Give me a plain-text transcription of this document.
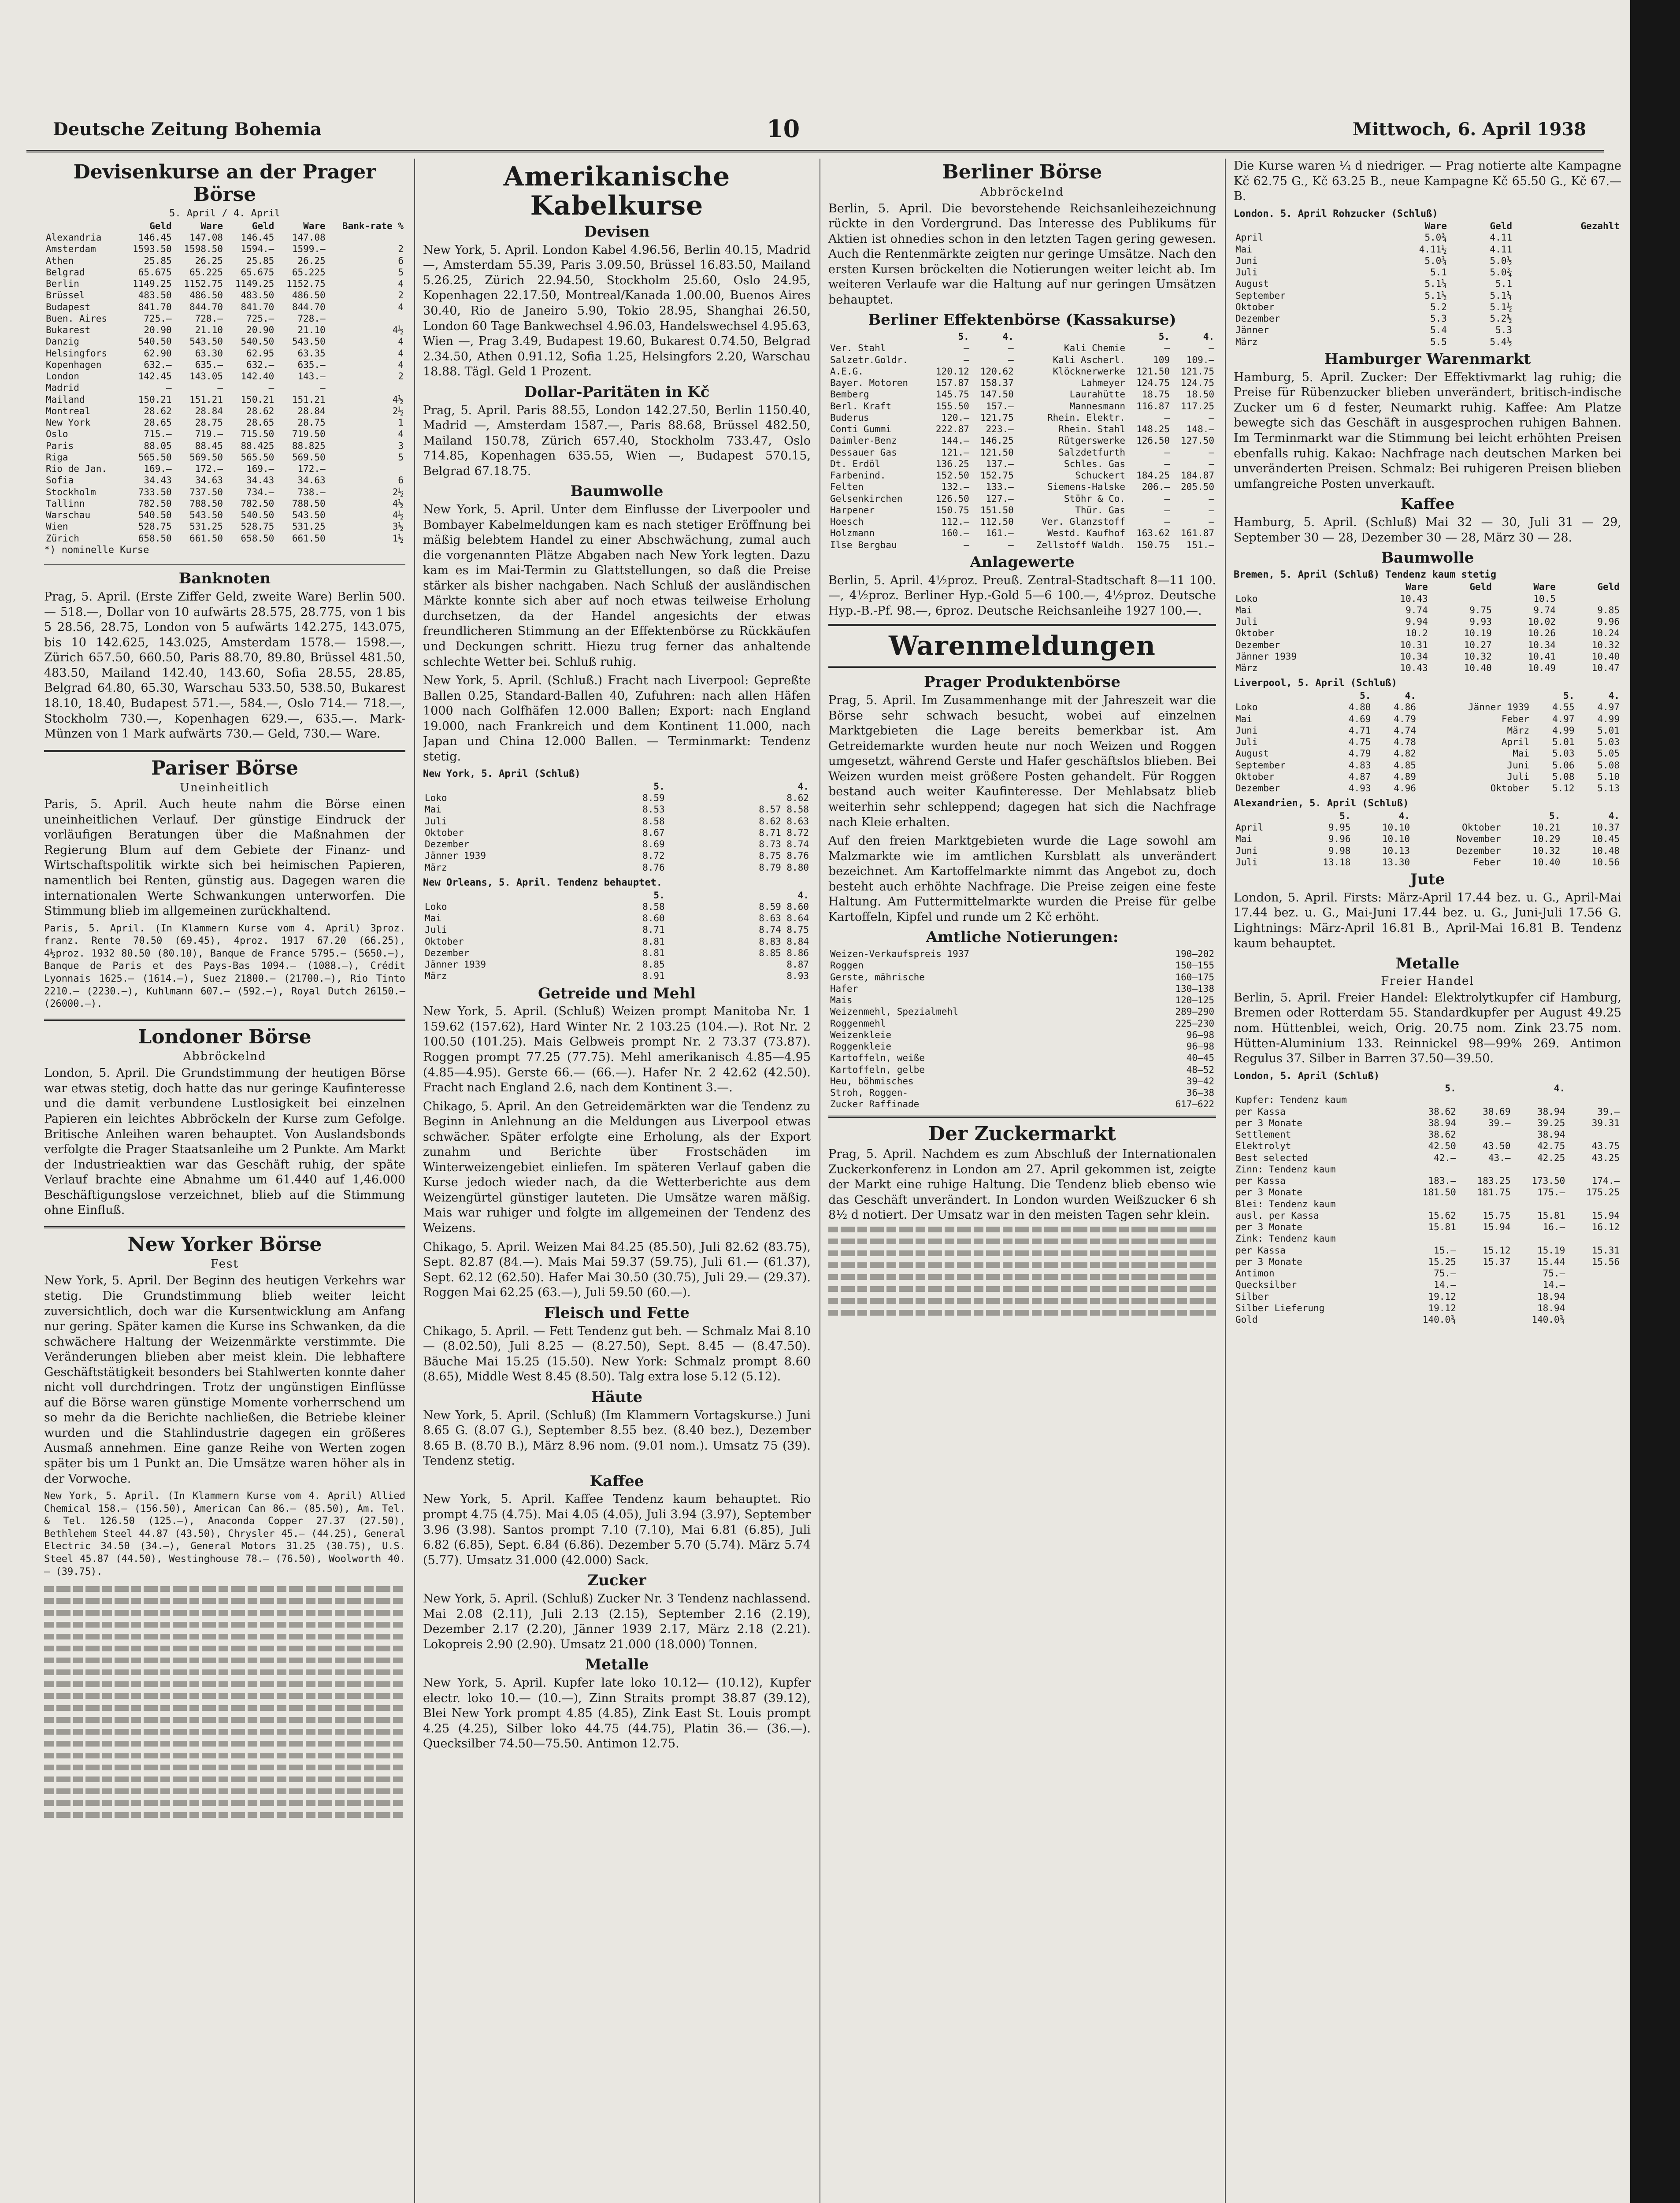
Deutsche Zeitung Bohemia	10	Mittwoch, 6. April 1938
Devisenkurse an der Prager Börse
5. April / 4. April
	Geld	Ware	Geld	Ware	Bank-rate %
Alexandria	146.45	147.08	146.45	147.08	
Amsterdam	1593.50	1598.50	1594.—	1599.—	2
Athen	25.85	26.25	25.85	26.25	6
Belgrad	65.675	65.225	65.675	65.225	5
Berlin	1149.25	1152.75	1149.25	1152.75	4
Brüssel	483.50	486.50	483.50	486.50	2
Budapest	841.70	844.70	841.70	844.70	4
Buen. Aires	725.—	728.—	725.—	728.—	
Bukarest	20.90	21.10	20.90	21.10	4½
Danzig	540.50	543.50	540.50	543.50	4
Helsingfors	62.90	63.30	62.95	63.35	4
Kopenhagen	632.—	635.—	632.—	635.—	4
London	142.45	143.05	142.40	143.—	2
Madrid	—	—	—	—	
Mailand	150.21	151.21	150.21	151.21	4½
Montreal	28.62	28.84	28.62	28.84	2½
New York	28.65	28.75	28.65	28.75	1
Oslo	715.—	719.—	715.50	719.50	4
Paris	88.05	88.45	88.425	88.825	3
Riga	565.50	569.50	565.50	569.50	5
Rio de Jan.	169.—	172.—	169.—	172.—	
Sofia	34.43	34.63	34.43	34.63	6
Stockholm	733.50	737.50	734.—	738.—	2½
Tallinn	782.50	788.50	782.50	788.50	4½
Warschau	540.50	543.50	540.50	543.50	4½
Wien	528.75	531.25	528.75	531.25	3½
Zürich	658.50	661.50	658.50	661.50	1½
*) nominelle Kurse
Banknoten

Prag, 5. April. (Erste Ziffer Geld, zweite Ware) Berlin 500.— 518.—, Dollar von 10 aufwärts 28.575, 28.775, von 1 bis 5 28.56, 28.75, London von 5 aufwärts 142.275, 143.075, bis 10 142.625, 143.025, Amsterdam 1578.— 1598.—, Zürich 657.50, 660.50, Paris 88.70, 89.80, Brüssel 481.50, 483.50, Mailand 142.40, 143.60, Sofia 28.55, 28.85, Belgrad 64.80, 65.30, Warschau 533.50, 538.50, Bukarest 18.10, 18.40, Budapest 571.—, 584.—, Oslo 714.— 718.—, Stockholm 730.—, Kopenhagen 629.—, 635.—. Mark-Münzen von 1 Mark aufwärts 730.— Geld, 730.— Ware.

Pariser Börse
Uneinheitlich

Paris, 5. April. Auch heute nahm die Börse einen uneinheitlichen Verlauf. Der günstige Eindruck der vorläufigen Beratungen über die Maßnahmen der Regierung Blum auf dem Gebiete der Finanz- und Wirtschaftspolitik wirkte sich bei heimischen Papieren, namentlich bei Renten, günstig aus. Dagegen waren die internationalen Werte Schwankungen unterworfen. Die Stimmung blieb im allgemeinen zurückhaltend.

Paris, 5. April. (In Klammern Kurse vom 4. April) 3proz. franz. Rente 70.50 (69.45), 4proz. 1917 67.20 (66.25), 4½proz. 1932 80.50 (80.10), Banque de France 5795.— (5650.—), Banque de Paris et des Pays-Bas 1094.— (1088.—), Crédit Lyonnais 1625.— (1614.—), Suez 21800.— (21700.—), Rio Tinto 2210.— (2230.—), Kuhlmann 607.— (592.—), Royal Dutch 26150.— (26000.—).

Londoner Börse
Abbröckelnd

London, 5. April. Die Grundstimmung der heutigen Börse war etwas stetig, doch hatte das nur geringe Kaufinteresse und die damit verbundene Lustlosigkeit bei einzelnen Papieren ein leichtes Abbröckeln der Kurse zum Gefolge. Britische Anleihen waren behauptet. Von Auslandsbonds verfolgte die Prager Staatsanleihe um 2 Punkte. Am Markt der Industrieaktien war das Geschäft ruhig, der späte Verlauf brachte eine Abnahme um 61.440 auf 1,46.000 Beschäftigungslose verzeichnet, blieb auf die Stimmung ohne Einfluß.

New Yorker Börse
Fest

New York, 5. April. Der Beginn des heutigen Verkehrs war stetig. Die Grundstimmung blieb weiter leicht zuversichtlich, doch war die Kursentwicklung am Anfang nur gering. Später kamen die Kurse ins Schwanken, da die schwächere Haltung der Weizenmärkte verstimmte. Die Veränderungen blieben aber meist klein. Die lebhaftere Geschäftstätigkeit besonders bei Stahlwerten konnte daher nicht voll durchdringen. Trotz der ungünstigen Einflüsse auf die Börse waren günstige Momente vorherrschend um so mehr da die Berichte nachließen, die Betriebe kleiner wurden und die Stahlindustrie dagegen ein größeres Ausmaß annehmen. Eine ganze Reihe von Werten zogen später bis um 1 Punkt an. Die Umsätze waren höher als in der Vorwoche.

New York, 5. April. (In Klammern Kurse vom 4. April) Allied Chemical 158.— (156.50), American Can 86.— (85.50), Am. Tel. & Tel. 126.50 (125.—), Anaconda Copper 27.37 (27.50), Bethlehem Steel 44.87 (43.50), Chrysler 45.— (44.25), General Electric 34.50 (34.—), General Motors 31.25 (30.75), U.S. Steel 45.87 (44.50), Westinghouse 78.— (76.50), Woolworth 40.— (39.75).

Amerikanische Kabelkurse
Devisen

New York, 5. April. London Kabel 4.96.56, Berlin 40.15, Madrid —, Amsterdam 55.39, Paris 3.09.50, Brüssel 16.83.50, Mailand 5.26.25, Zürich 22.94.50, Stockholm 25.60, Oslo 24.95, Kopenhagen 22.17.50, Montreal/Kanada 1.00.00, Buenos Aires 30.40, Rio de Janeiro 5.90, Tokio 28.95, Shanghai 26.50, London 60 Tage Bankwechsel 4.96.03, Handelswechsel 4.95.63, Wien —, Prag 3.49, Budapest 19.60, Bukarest 0.74.50, Belgrad 2.34.50, Athen 0.91.12, Sofia 1.25, Helsingfors 2.20, Warschau 18.88. Tägl. Geld 1 Prozent.

Dollar-Paritäten in Kč

Prag, 5. April. Paris 88.55, London 142.27.50, Berlin 1150.40, Madrid —, Amsterdam 1587.—, Paris 88.68, Brüssel 482.50, Mailand 150.78, Zürich 657.40, Stockholm 733.47, Oslo 714.85, Kopenhagen 635.55, Wien —, Budapest 570.15, Belgrad 67.18.75.

Baumwolle

New York, 5. April. Unter dem Einflusse der Liverpooler und Bombayer Kabelmeldungen kam es nach stetiger Eröffnung bei mäßig belebtem Handel zu einer Abschwächung, zumal auch die vorgenannten Plätze Abgaben nach New York legten. Dazu kam es im Mai-Termin zu Glattstellungen, so daß die Preise stärker als bisher nachgaben. Nach Schluß der ausländischen Märkte konnte sich aber auf noch etwas teilweise Erholung durchsetzen, da der Handel angesichts der etwas freundlicheren Stimmung an der Effektenbörse zu Rückkäufen und Deckungen schritt. Hiezu trug ferner das anhaltende schlechte Wetter bei. Schluß ruhig.

New York, 5. April. (Schluß.) Fracht nach Liverpool: Gepreßte Ballen 0.25, Standard-Ballen 40, Zufuhren: nach allen Häfen 1000 nach Golfhäfen 12.000 Ballen; Export: nach England 19.000, nach Frankreich und dem Kontinent 11.000, nach Japan und China 12.000 Ballen. — Terminmarkt: Tendenz stetig.

New York, 5. April (Schluß)
	5.	4.
Loko	8.59	8.62
Mai	8.53	8.57 8.58
Juli	8.58	8.62 8.63
Oktober	8.67	8.71 8.72
Dezember	8.69	8.73 8.74
Jänner 1939	8.72	8.75 8.76
März	8.76	8.79 8.80
New Orleans, 5. April. Tendenz behauptet.
	5.	4.
Loko	8.58	8.59 8.60
Mai	8.60	8.63 8.64
Juli	8.71	8.74 8.75
Oktober	8.81	8.83 8.84
Dezember	8.81	8.85 8.86
Jänner 1939	8.85	8.87
März	8.91	8.93
Getreide und Mehl

New York, 5. April. (Schluß) Weizen prompt Manitoba Nr. 1 159.62 (157.62), Hard Winter Nr. 2 103.25 (104.—). Rot Nr. 2 100.50 (101.25). Mais Gelbweis prompt Nr. 2 73.37 (73.87). Roggen prompt 77.25 (77.75). Mehl amerikanisch 4.85—4.95 (4.85—4.95). Gerste 66.— (66.—). Hafer Nr. 2 42.62 (42.50). Fracht nach England 2.6, nach dem Kontinent 3.—.

Chikago, 5. April. An den Getreidemärkten war die Tendenz zu Beginn in Anlehnung an die Meldungen aus Liverpool etwas schwächer. Später erfolgte eine Erholung, als der Export zunahm und Berichte über Frostschäden im Winterweizengebiet einliefen. Im späteren Verlauf gaben die Kurse jedoch wieder nach, da die Wetterberichte aus dem Weizengürtel günstiger lauteten. Die Umsätze waren mäßig. Mais war ruhiger und folgte im allgemeinen der Tendenz des Weizens.

Chikago, 5. April. Weizen Mai 84.25 (85.50), Juli 82.62 (83.75), Sept. 82.87 (84.—). Mais Mai 59.37 (59.75), Juli 61.— (61.37), Sept. 62.12 (62.50). Hafer Mai 30.50 (30.75), Juli 29.— (29.37). Roggen Mai 62.25 (63.—), Juli 59.50 (60.—).

Fleisch und Fette

Chikago, 5. April. — Fett Tendenz gut beh. — Schmalz Mai 8.10 — (8.02.50), Juli 8.25 — (8.27.50), Sept. 8.45 — (8.47.50). Bäuche Mai 15.25 (15.50). New York: Schmalz prompt 8.60 (8.65), Middle West 8.45 (8.50). Talg extra lose 5.12 (5.12).

Häute

New York, 5. April. (Schluß) (Im Klammern Vortagskurse.) Juni 8.65 G. (8.07 G.), September 8.55 bez. (8.40 bez.), Dezember 8.65 B. (8.70 B.), März 8.96 nom. (9.01 nom.). Umsatz 75 (39). Tendenz stetig.

Kaffee

New York, 5. April. Kaffee Tendenz kaum behauptet. Rio prompt 4.75 (4.75). Mai 4.05 (4.05), Juli 3.94 (3.97), September 3.96 (3.98). Santos prompt 7.10 (7.10), Mai 6.81 (6.85), Juli 6.82 (6.85), Sept. 6.84 (6.86). Dezember 5.70 (5.74). März 5.74 (5.77). Umsatz 31.000 (42.000) Sack.

Zucker

New York, 5. April. (Schluß) Zucker Nr. 3 Tendenz nachlassend. Mai 2.08 (2.11), Juli 2.13 (2.15), September 2.16 (2.19), Dezember 2.17 (2.20), Jänner 1939 2.17, März 2.18 (2.21). Lokopreis 2.90 (2.90). Umsatz 21.000 (18.000) Tonnen.

Metalle

New York, 5. April. Kupfer late loko 10.12— (10.12), Kupfer electr. loko 10.— (10.—), Zinn Straits prompt 38.87 (39.12), Blei New York prompt 4.85 (4.85), Zink East St. Louis prompt 4.25 (4.25), Silber loko 44.75 (44.75), Platin 36.— (36.—). Quecksilber 74.50—75.50. Antimon 12.75.

Berliner Börse
Abbröckelnd

Berlin, 5. April. Die bevorstehende Reichsanleihezeichnung rückte in den Vordergrund. Das Interesse des Publikums für Aktien ist ohnedies schon in den letzten Tagen gering gewesen. Auch die Rentenmärkte zeigten nur geringe Umsätze. Nach den ersten Kursen bröckelten die Notierungen weiter leicht ab. Im weiteren Verlaufe war die Haltung auf nur geringen Umsätzen behauptet.

Berliner Effektenbörse (Kassakurse)
	5.	4.		5.	4.
Ver. Stahl	—	—	Kali Chemie	—	—
Salzetr.Goldr.	—	—	Kali Ascherl.	109	109.—
A.E.G.	120.12	120.62	Klöcknerwerke	121.50	121.75
Bayer. Motoren	157.87	158.37	Lahmeyer	124.75	124.75
Bemberg	145.75	147.50	Laurahütte	18.75	18.50
Berl. Kraft	155.50	157.—	Mannesmann	116.87	117.25
Buderus	120.—	121.75	Rhein. Elektr.	—	—
Conti Gummi	222.87	223.—	Rhein. Stahl	148.25	148.—
Daimler-Benz	144.—	146.25	Rütgerswerke	126.50	127.50
Dessauer Gas	121.—	121.50	Salzdetfurth	—	—
Dt. Erdöl	136.25	137.—	Schles. Gas	—	—
Farbenind.	152.50	152.75	Schuckert	184.25	184.87
Felten	132.—	133.—	Siemens-Halske	206.—	205.50
Gelsenkirchen	126.50	127.—	Stöhr & Co.	—	—
Harpener	150.75	151.50	Thür. Gas	—	—
Hoesch	112.—	112.50	Ver. Glanzstoff	—	—
Holzmann	160.—	161.—	Westd. Kaufhof	163.62	161.87
Ilse Bergbau	—	—	Zellstoff Waldh.	150.75	151.—
Anlagewerte

Berlin, 5. April. 4½proz. Preuß. Zentral-Stadtschaft 8—11 100.—, 4½proz. Berliner Hyp.-Gold 5—6 100.—, 4½proz. Deutsche Hyp.-B.-Pf. 98.—, 6proz. Deutsche Reichsanleihe 1927 100.—.

Warenmeldungen
Prager Produktenbörse

Prag, 5. April. Im Zusammenhange mit der Jahreszeit war die Börse sehr schwach besucht, wobei auf einzelnen Marktgebieten die Lage bereits bemerkbar ist. Am Getreidemarkte wurden heute nur noch Weizen und Roggen umgesetzt, während Gerste und Hafer geschäftslos blieben. Bei Weizen wurden meist größere Posten gehandelt. Für Roggen bestand auch weiter Kaufinteresse. Der Mehlabsatz blieb weiterhin sehr schleppend; dagegen hat sich die Nachfrage nach Kleie erhalten.

Auf den freien Marktgebieten wurde die Lage sowohl am Malzmarkte wie im amtlichen Kursblatt als unverändert bezeichnet. Am Kartoffelmarkte nimmt das Angebot zu, doch besteht auch erhöhte Nachfrage. Die Preise zeigen eine feste Haltung. Am Futtermittelmarkte wurden die Preise für gelbe Kartoffeln, Kipfel und runde um 2 Kč erhöht.

Amtliche Notierungen:
Weizen-Verkaufspreis 1937		190—202
Roggen		150—155
Gerste, mährische		160—175
Hafer		130—138
Mais		120—125
Weizenmehl, Spezialmehl		289—290
Roggenmehl		225—230
Weizenkleie		96—98
Roggenkleie		96—98
Kartoffeln, weiße		40—45
Kartoffeln, gelbe		48—52
Heu, böhmisches		39—42
Stroh, Roggen-		36—38
Zucker Raffinade		617—622
Der Zuckermarkt

Prag, 5. April. Nachdem es zum Abschluß der Internationalen Zuckerkonferenz in London am 27. April gekommen ist, zeigte der Markt eine ruhige Haltung. Die Tendenz blieb ebenso wie das Geschäft unverändert. In London wurden Weißzucker 6 sh 8½ d notiert. Der Umsatz war in den meisten Tagen sehr klein.

Die Kurse waren ¼ d niedriger. — Prag notierte alte Kampagne Kč 62.75 G., Kč 63.25 B., neue Kampagne Kč 65.50 G., Kč 67.— B.

London. 5. April Rohzucker (Schluß)
	Ware	Geld	Gezahlt
April	5.0¾	4.11	
Mai	4.11½	4.11	
Juni	5.0¾	5.0½	
Juli	5.1	5.0¾	
August	5.1¼	5.1	
September	5.1½	5.1¼	
Oktober	5.2	5.1½	
Dezember	5.3	5.2½	
Jänner	5.4	5.3	
März	5.5	5.4½	
Hamburger Warenmarkt

Hamburg, 5. April. Zucker: Der Effektivmarkt lag ruhig; die Preise für Rübenzucker blieben unverändert, britisch-indische Zucker um 6 d fester, Neumarkt ruhig. Kaffee: Am Platze bewegte sich das Geschäft in ausgesprochen ruhigen Bahnen. Im Terminmarkt war die Stimmung bei leicht erhöhten Preisen ebenfalls ruhig. Kakao: Nachfrage nach deutschen Marken bei unveränderten Preisen. Schmalz: Bei ruhigeren Preisen blieben umfangreiche Posten unverkauft.

Kaffee

Hamburg, 5. April. (Schluß) Mai 32 — 30, Juli 31 — 29, September 30 — 28, Dezember 30 — 28, März 30 — 28.

Baumwolle
Bremen, 5. April (Schluß) Tendenz kaum stetig
	Ware	Geld	Ware	Geld
Loko	10.43		10.5	
Mai	9.74	9.75	9.74	9.85
Juli	9.94	9.93	10.02	9.96
Oktober	10.2	10.19	10.26	10.24
Dezember	10.31	10.27	10.34	10.32
Jänner 1939	10.34	10.32	10.41	10.40
März	10.43	10.40	10.49	10.47
Liverpool, 5. April (Schluß)
	5.	4.		5.	4.
Loko	4.80	4.86	Jänner 1939	4.55	4.97
Mai	4.69	4.79	Feber	4.97	4.99
Juni	4.71	4.74	März	4.99	5.01
Juli	4.75	4.78	April	5.01	5.03
August	4.79	4.82	Mai	5.03	5.05
September	4.83	4.85	Juni	5.06	5.08
Oktober	4.87	4.89	Juli	5.08	5.10
Dezember	4.93	4.96	Oktober	5.12	5.13
Alexandrien, 5. April (Schluß)
	5.	4.		5.	4.
April	9.95	10.10	Oktober	10.21	10.37
Mai	9.96	10.10	November	10.29	10.45
Juni	9.98	10.13	Dezember	10.32	10.48
Juli	13.18	13.30	Feber	10.40	10.56
Jute

London, 5. April. Firsts: März-April 17.44 bez. u. G., April-Mai 17.44 bez. u. G., Mai-Juni 17.44 bez. u. G., Juni-Juli 17.56 G. Lightnings: März-April 16.81 B., April-Mai 16.81 B. Tendenz kaum behauptet.

Metalle
Freier Handel

Berlin, 5. April. Freier Handel: Elektrolytkupfer cif Hamburg, Bremen oder Rotterdam 55. Standardkupfer per August 49.25 nom. Hüttenblei, weich, Orig. 20.75 nom. Zink 23.75 nom. Hütten-Aluminium 133. Reinnickel 98—99% 269. Antimon Regulus 37. Silber in Barren 37.50—39.50.

London, 5. April (Schluß)
	5.		4.	
Kupfer: Tendenz kaum				
per Kassa	38.62	38.69	38.94	39.—
per 3 Monate	38.94	39.—	39.25	39.31
Settlement	38.62		38.94	
Elektrolyt	42.50	43.50	42.75	43.75
Best selected	42.—	43.—	42.25	43.25
Zinn: Tendenz kaum				
per Kassa	183.—	183.25	173.50	174.—
per 3 Monate	181.50	181.75	175.—	175.25
Blei: Tendenz kaum				
ausl. per Kassa	15.62	15.75	15.81	15.94
per 3 Monate	15.81	15.94	16.—	16.12
Zink: Tendenz kaum				
per Kassa	15.—	15.12	15.19	15.31
per 3 Monate	15.25	15.37	15.44	15.56
Antimon	75.—		75.—	
Quecksilber	14.—		14.—	
Silber	19.12		18.94	
Silber Lieferung	19.12		18.94	
Gold	140.0¾		140.0¾	
